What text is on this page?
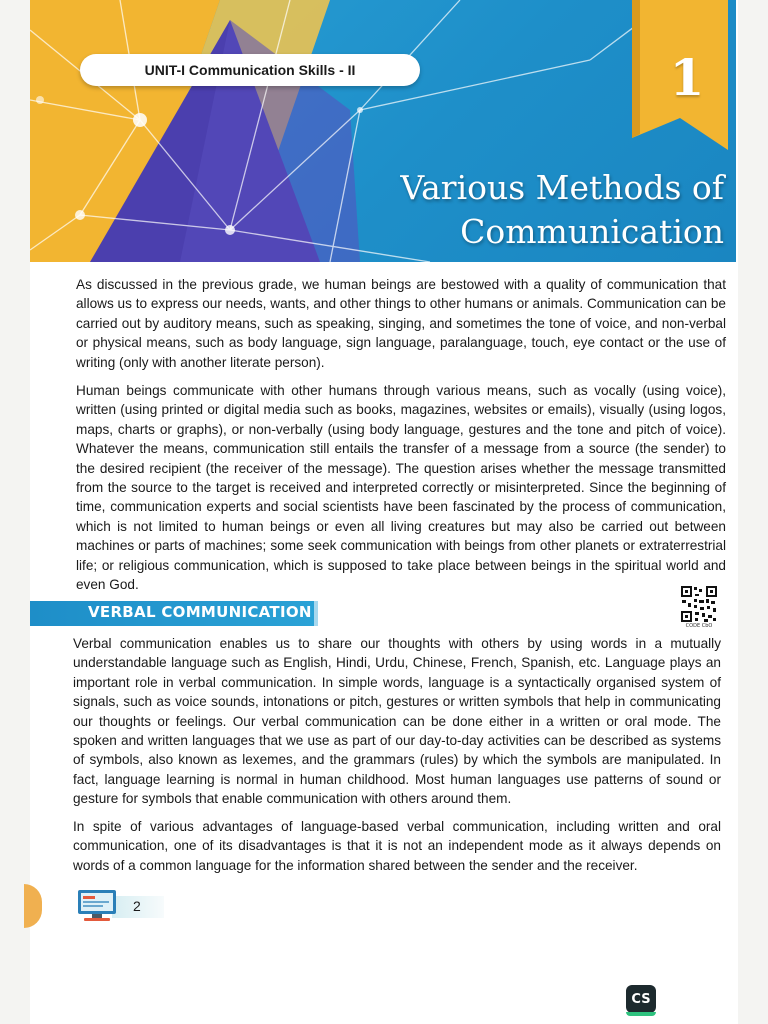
UNIT-I Communication Skills - II	1
Various Methods of
Communication

As discussed in the previous grade, we human beings are bestowed with a quality of communication that allows us to express our needs, wants, and other things to other humans or animals. Communication can be carried out by auditory means, such as speaking, singing, and sometimes the tone of voice, and non-verbal or physical means, such as body language, sign language, paralanguage, touch, eye contact or the use of writing (only with another literate person).

Human beings communicate with other humans through various means, such as vocally (using voice), written (using printed or digital media such as books, magazines, websites or emails), visually (using logos, maps, charts or graphs), or non-verbally (using body language, gestures and the tone and pitch of voice). Whatever the means, communication still entails the transfer of a message from a source (the sender) to the desired recipient (the receiver of the message). The question arises whether the message transmitted from the source to the target is received and interpreted correctly or misinterpreted. Since the beginning of time, communication experts and social scientists have been fascinated by the process of communication, which is not limited to human beings or even all living creatures but may also be carried out between machines or parts of machines; some seek communication with beings from other planets or extraterrestrial life; or religious communication, which is supposed to take place between beings in the spiritual world and even God.

VERBAL COMMUNICATION
CODE CbO

Verbal communication enables us to share our thoughts with others by using words in a mutually understandable language such as English, Hindi, Urdu, Chinese, French, Spanish, etc. Language plays an important role in verbal communication. In simple words, language is a syntactically organised system of signals, such as voice sounds, intonations or pitch, gestures or written symbols that help in communicating our thoughts or feelings. Our verbal communication can be done either in a written or oral mode. The spoken and written languages that we use as part of our day-to-day activities can be described as systems of symbols, also known as lexemes, and the grammars (rules) by which the symbols are manipulated. In fact, language learning is normal in human childhood. Most human languages use patterns of sound or gesture for symbols that enable communication with others around them.

In spite of various advantages of language-based verbal communication, including written and oral communication, one of its disadvantages is that it is not an independent mode as it always depends on words of a common language for the information shared between the sender and the receiver.

2
CS
